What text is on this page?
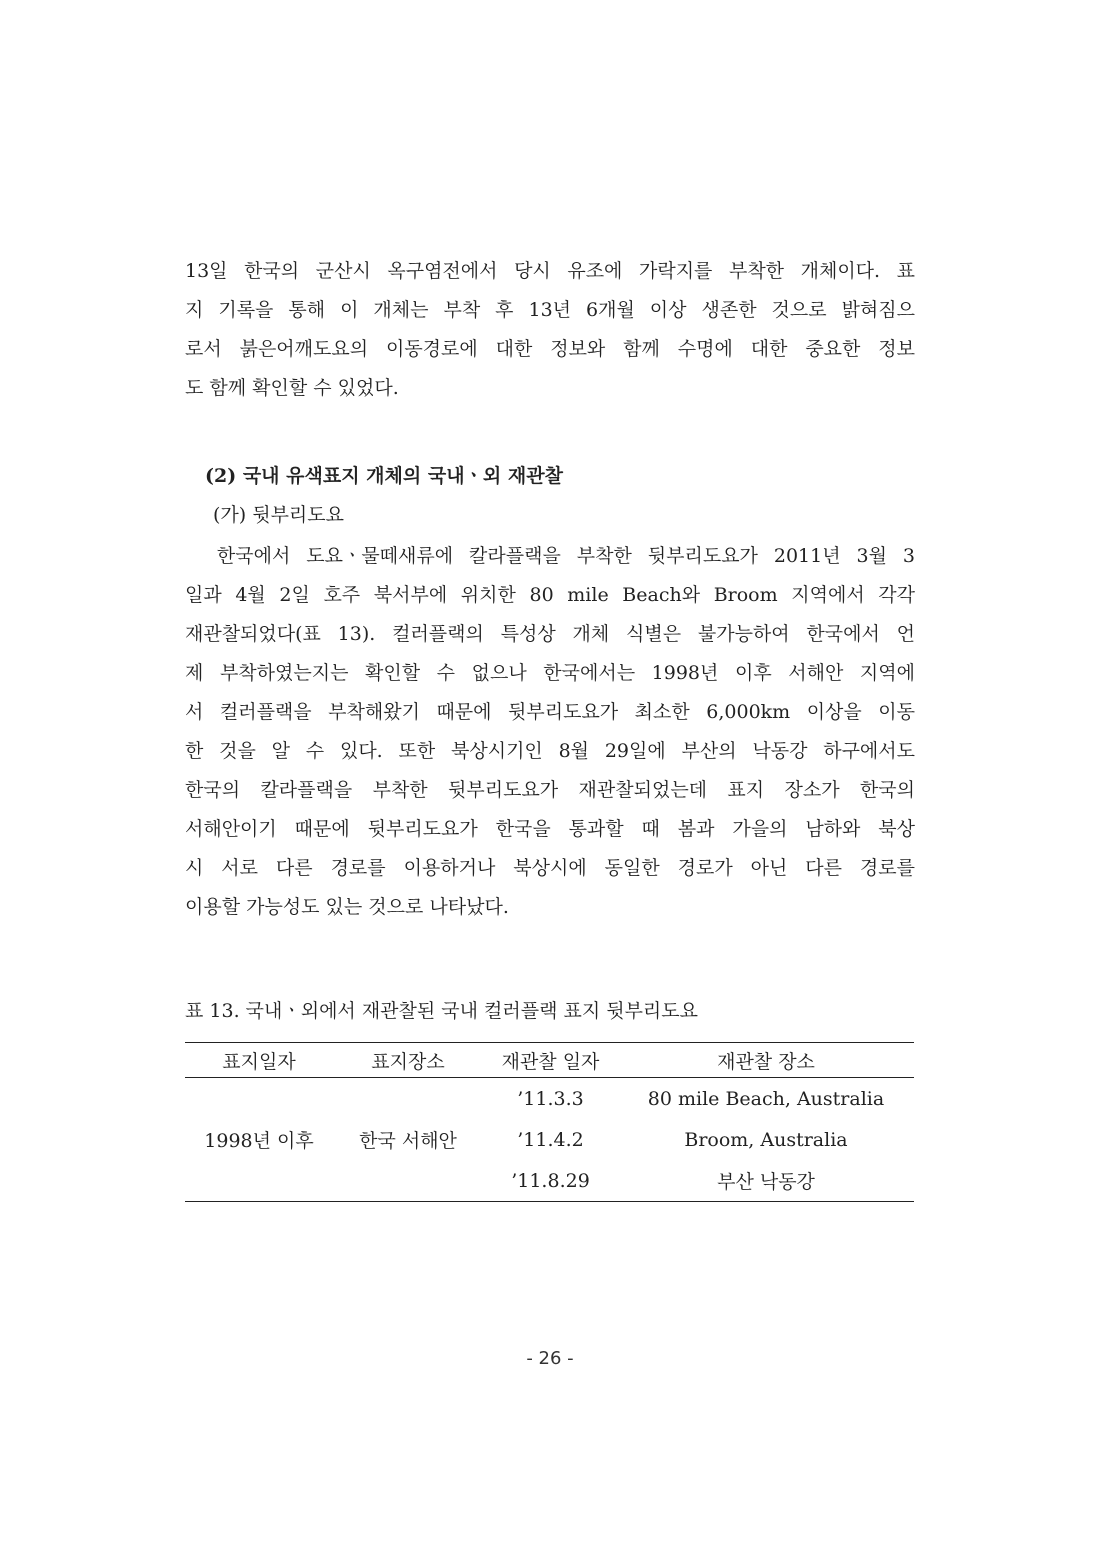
13일 한국의 군산시 옥구염전에서 당시 유조에 가락지를 부착한 개체이다. 표
지 기록을 통해 이 개체는 부착 후 13년 6개월 이상 생존한 것으로 밝혀짐으
로서 붉은어깨도요의 이동경로에 대한 정보와 함께 수명에 대한 중요한 정보
도 함께 확인할 수 있었다.
(2) 국내 유색표지 개체의 국내ㆍ외 재관찰
(가) 뒷부리도요
한국에서 도요ㆍ물떼새류에 칼라플랙을 부착한 뒷부리도요가 2011년 3월 3
일과 4월 2일 호주 북서부에 위치한 80 mile Beach와 Broom 지역에서 각각
재관찰되었다(표 13). 컬러플랙의 특성상 개체 식별은 불가능하여 한국에서 언
제 부착하였는지는 확인할 수 없으나 한국에서는 1998년 이후 서해안 지역에
서 컬러플랙을 부착해왔기 때문에 뒷부리도요가 최소한 6,000km 이상을 이동
한 것을 알 수 있다. 또한 북상시기인 8월 29일에 부산의 낙동강 하구에서도
한국의 칼라플랙을 부착한 뒷부리도요가 재관찰되었는데 표지 장소가 한국의
서해안이기 때문에 뒷부리도요가 한국을 통과할 때 봄과 가을의 남하와 북상
시 서로 다른 경로를 이용하거나 북상시에 동일한 경로가 아닌 다른 경로를
이용할 가능성도 있는 것으로 나타났다.
표 13. 국내ㆍ외에서 재관찰된 국내 컬러플랙 표지 뒷부리도요
표지일자	표지장소	재관찰 일자	재관찰 장소
1998년 이후	한국 서해안	’11.3.3	80 mile Beach, Australia
		’11.4.2	Broom, Australia
		’11.8.29	부산 낙동강
- 26 -
